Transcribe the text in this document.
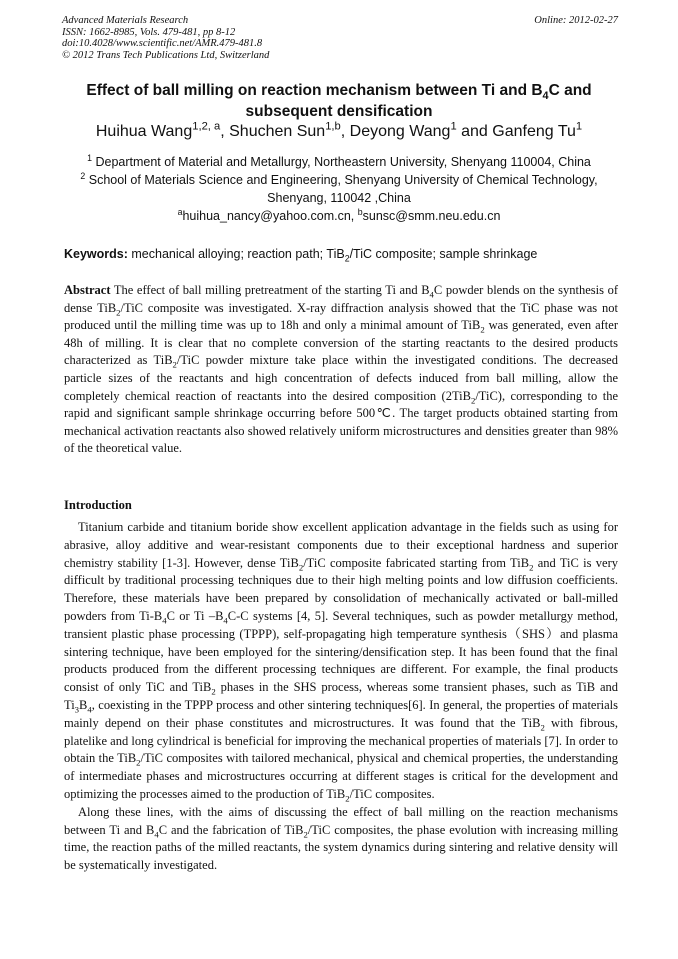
Advanced Materials Research
ISSN: 1662-8985, Vols. 479-481, pp 8-12
doi:10.4028/www.scientific.net/AMR.479-481.8
© 2012 Trans Tech Publications Ltd, Switzerland
Online: 2012-02-27
Effect of ball milling on reaction mechanism between Ti and $B_4C$ and
subsequent densification
Huihua Wang$^{1,2, a}$, Shuchen Sun$^{1,b}$, Deyong Wang$^1$ and Ganfeng Tu$^1$
$^1$ Department of Material and Metallurgy, Northeastern University, Shenyang 110004, China
$^2$ School of Materials Science and Engineering, Shenyang University of Chemical Technology,
Shenyang, 110042 ,China
$^a$huihua_nancy@yahoo.com.cn, $^b$sunsc@smm.neu.edu.cn
Keywords: mechanical alloying; reaction path; TiB$_2$/TiC composite; sample shrinkage

Abstract The effect of ball milling pretreatment of the starting Ti and $B_4C$ powder blends on the synthesis of dense TiB$_2$/TiC composite was investigated. X-ray diffraction analysis showed that the TiC phase was not produced until the milling time was up to 18h and only a minimal amount of TiB$_2$ was generated, even after 48h of milling. It is clear that no complete conversion of the starting reactants to the desired products characterized as TiB$_2$/TiC powder mixture take place within the investigated conditions. The decreased particle sizes of the reactants and high concentration of defects induced from ball milling, allow the completely chemical reaction of reactants into the desired composition (2TiB$_2$/TiC), corresponding to the rapid and significant sample shrinkage occurring before 500℃. The target products obtained starting from mechanical activation reactants also showed relatively uniform microstructures and densities greater than 98% of the theoretical value.

Introduction

Titanium carbide and titanium boride show excellent application advantage in the fields such as using for abrasive, alloy additive and wear-resistant components due to their exceptional hardness and superior chemistry stability [1-3]. However, dense TiB$_2$/TiC composite fabricated starting from TiB$_2$ and TiC is very difficult by traditional processing techniques due to their high melting points and low diffusion coefficients. Therefore, these materials have been prepared by consolidation of mechanically activated or ball-milled powders from $Ti-B_4C$ or Ti $-B_4C-C$ systems [4, 5]. Several techniques, such as powder metallurgy method, transient plastic phase processing (TPPP), self-propagating high temperature synthesis（SHS）and plasma sintering technique, have been employed for the sintering/densification step. It has been found that the final products produced from the different processing techniques are different. For example, the final products consist of only TiC and TiB$_2$ phases in the SHS process, whereas some transient phases, such as TiB and $Ti_3B_4$, coexisting in the TPPP process and other sintering techniques[6]. In general, the properties of materials mainly depend on their phase constitutes and microstructures. It was found that the TiB$_2$ with fibrous, platelike and long cylindrical is beneficial for improving the mechanical properties of materials [7]. In order to obtain the TiB$_2$/TiC composites with tailored mechanical, physical and chemical properties, the understanding of intermediate phases and microstructures occurring at different stages is critical for the development and optimizing the processes aimed to the production of TiB$_2$/TiC composites.

Along these lines, with the aims of discussing the effect of ball milling on the reaction mechanisms between Ti and $B_4C$ and the fabrication of TiB$_2$/TiC composites, the phase evolution with increasing milling time, the reaction paths of the milled reactants, the system dynamics during sintering and relative density will be systematically investigated.
